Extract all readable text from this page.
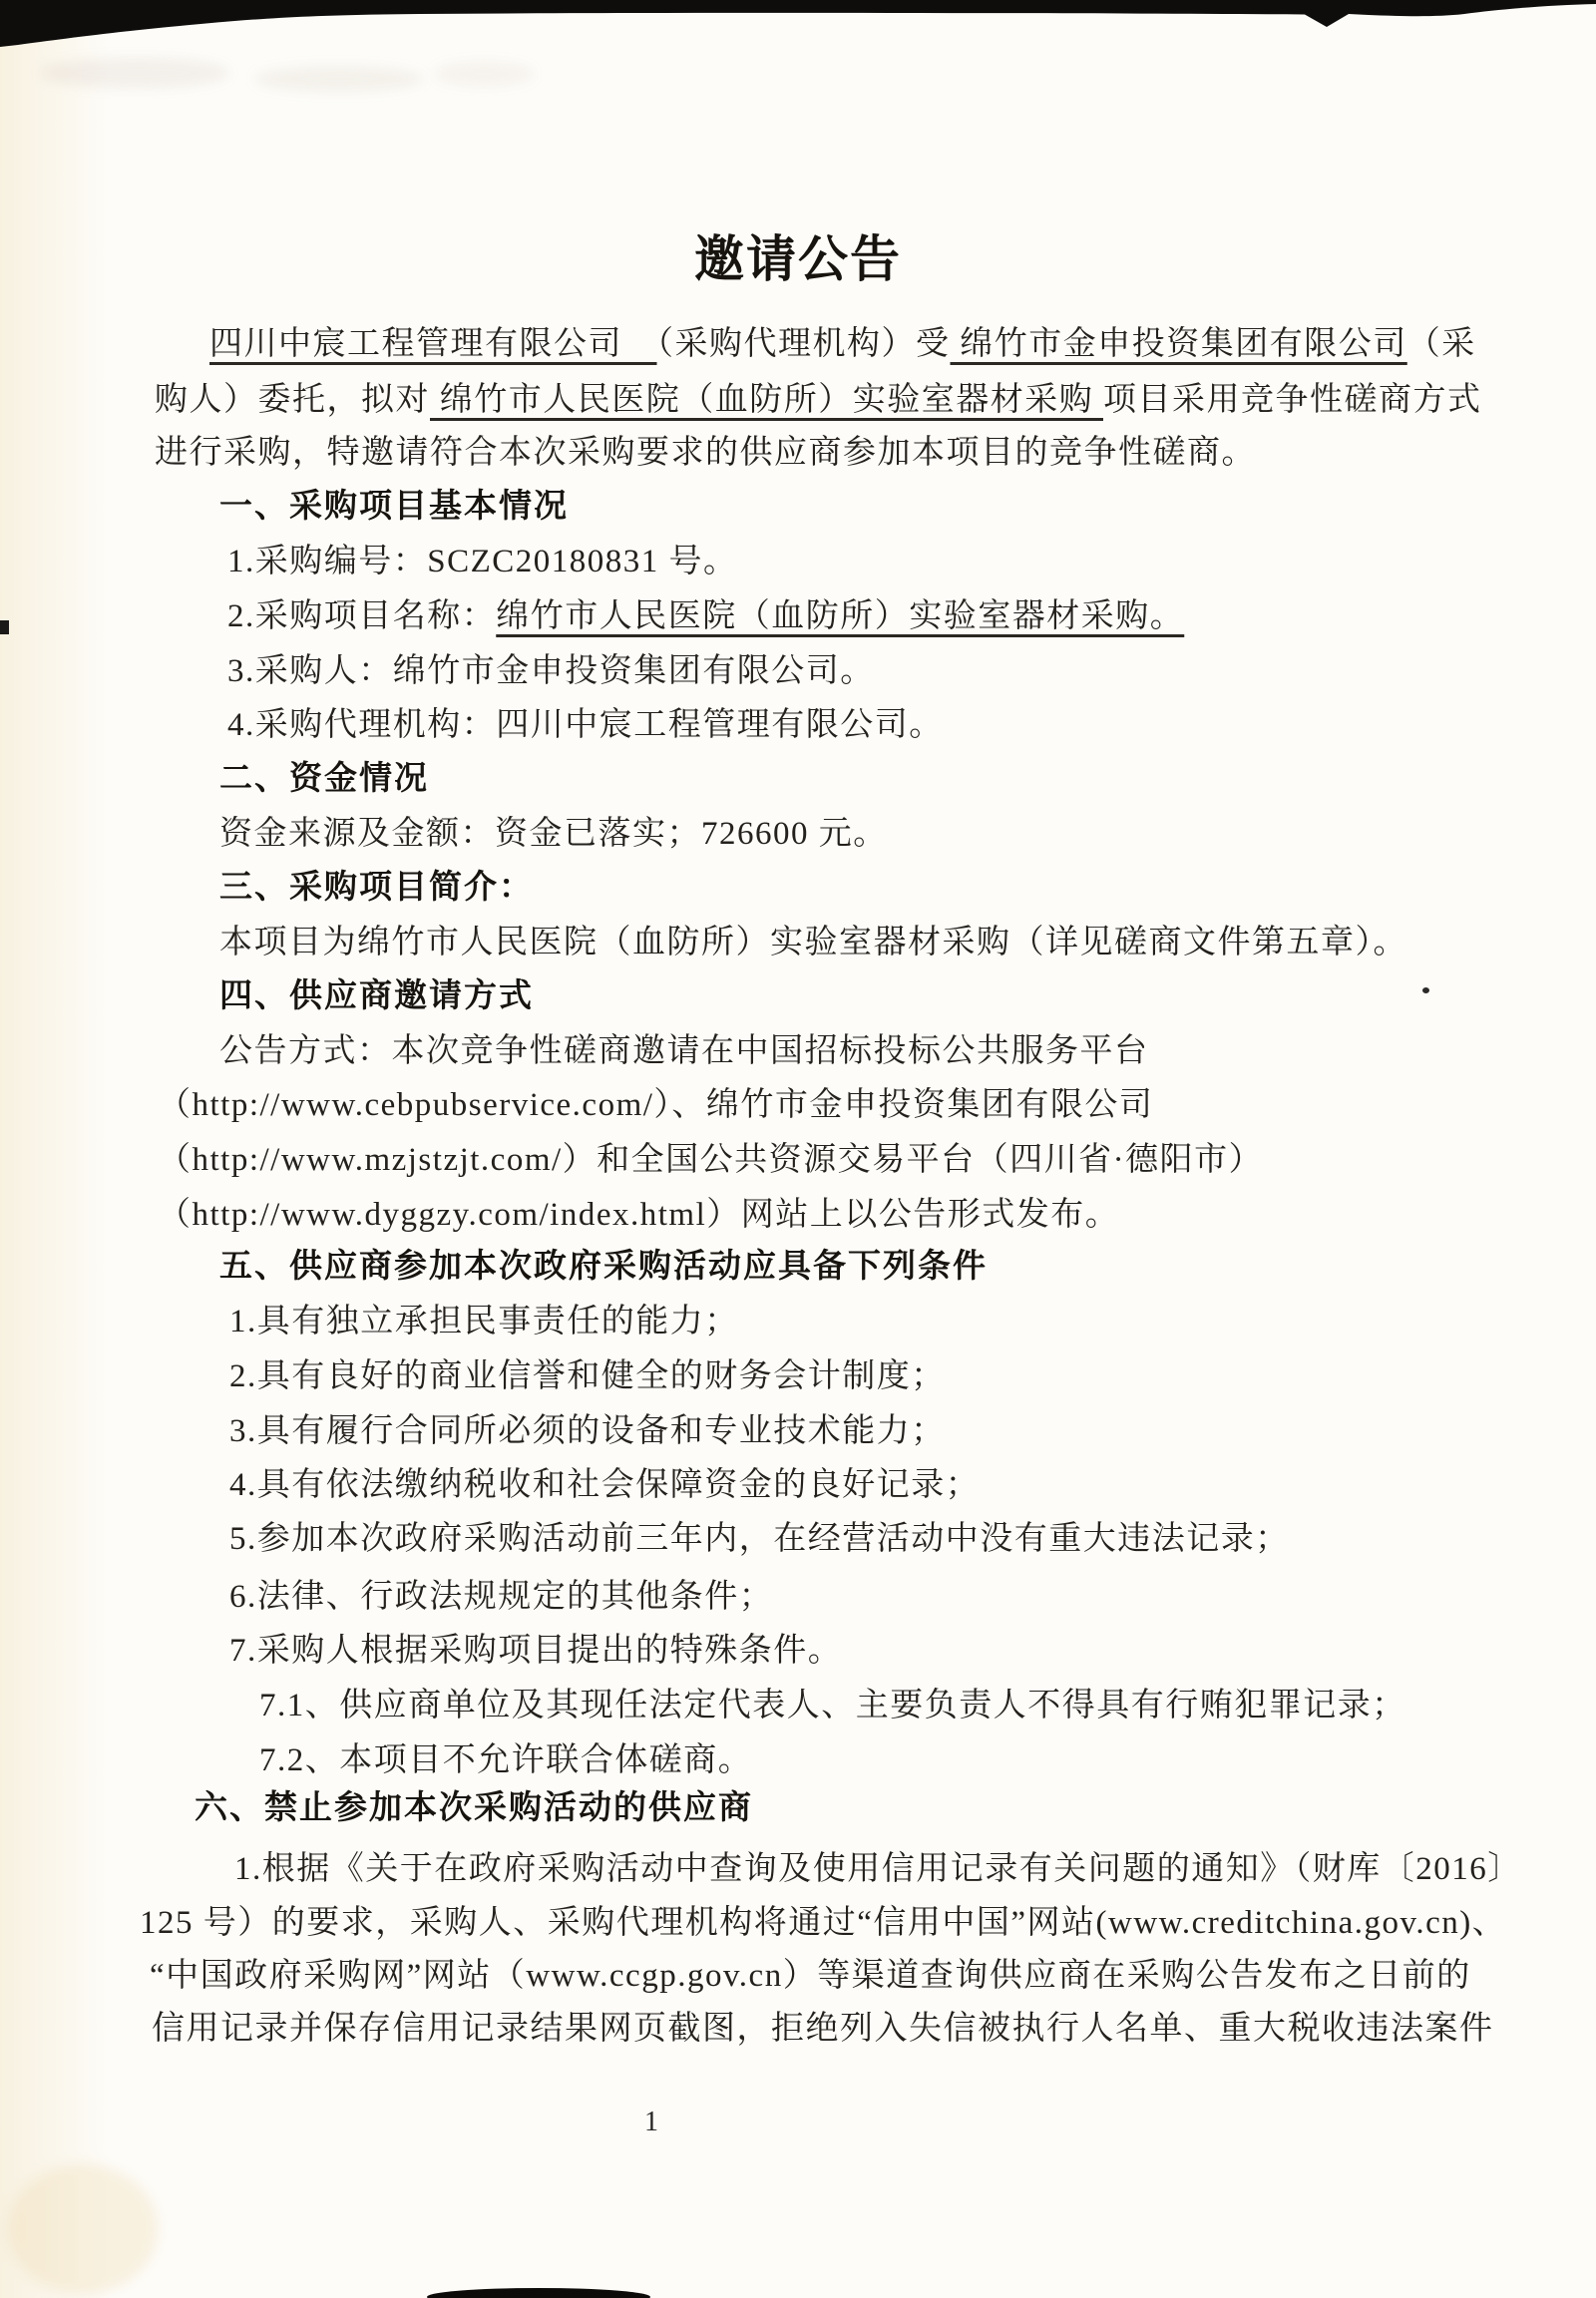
邀请公告
四川中宸工程管理有限公司　（采购代理机构）受 绵竹市金申投资集团有限公司（采
购人）委托，拟对 绵竹市人民医院（血防所）实验室器材采购 项目采用竞争性磋商方式
进行采购，特邀请符合本次采购要求的供应商参加本项目的竞争性磋商。
一、采购项目基本情况
1.采购编号：SCZC20180831 号。
2.采购项目名称：绵竹市人民医院（血防所）实验室器材采购。
3.采购人：绵竹市金申投资集团有限公司。
4.采购代理机构：四川中宸工程管理有限公司。
二、资金情况
资金来源及金额：资金已落实；726600 元。
三、采购项目简介：
本项目为绵竹市人民医院（血防所）实验室器材采购（详见磋商文件第五章）。
四、供应商邀请方式
公告方式：本次竞争性磋商邀请在中国招标投标公共服务平台
（http://www.cebpubservice.com/）、绵竹市金申投资集团有限公司
（http://www.mzjstzjt.com/）和全国公共资源交易平台（四川省·德阳市）
（http://www.dyggzy.com/index.html）网站上以公告形式发布。
五、供应商参加本次政府采购活动应具备下列条件
1.具有独立承担民事责任的能力；
2.具有良好的商业信誉和健全的财务会计制度；
3.具有履行合同所必须的设备和专业技术能力；
4.具有依法缴纳税收和社会保障资金的良好记录；
5.参加本次政府采购活动前三年内，在经营活动中没有重大违法记录；
6.法律、行政法规规定的其他条件；
7.采购人根据采购项目提出的特殊条件。
7.1、供应商单位及其现任法定代表人、主要负责人不得具有行贿犯罪记录；
7.2、本项目不允许联合体磋商。
六、禁止参加本次采购活动的供应商
1.根据《关于在政府采购活动中查询及使用信用记录有关问题的通知》（财库〔2016〕
125 号）的要求，采购人、采购代理机构将通过“信用中国”网站(www.creditchina.gov.cn)、
“中国政府采购网”网站（www.ccgp.gov.cn）等渠道查询供应商在采购公告发布之日前的
信用记录并保存信用记录结果网页截图，拒绝列入失信被执行人名单、重大税收违法案件
1
